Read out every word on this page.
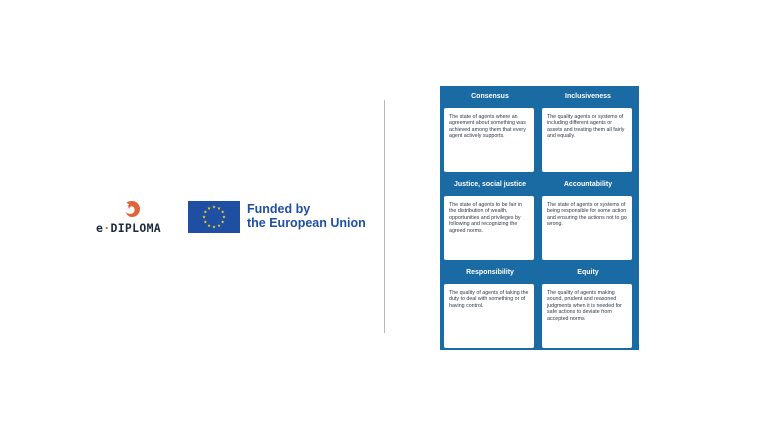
e·DIPLOMA
Funded by
the European Union
Consensus
The state of agents where an agreement about something was achieved among them that every agent actively supports.
Inclusiveness
The quality agents or systems of including different agents or assets and treating them all fairly and equally.
Justice, social justice
The state of agents to be fair in the distribution of wealth, opportunities and privileges by following and recognizing the agreed norms.
Accountability
The state of agents or systems of being responsible for some action and ensuring the actions not to go wrong.
Responsibility
The quality of agents of taking the duty to deal with something or of having control.
Equity
The quality of agents making sound, prudent and reasoned judgments when it is needed for safe actions to deviate from accepted norms
